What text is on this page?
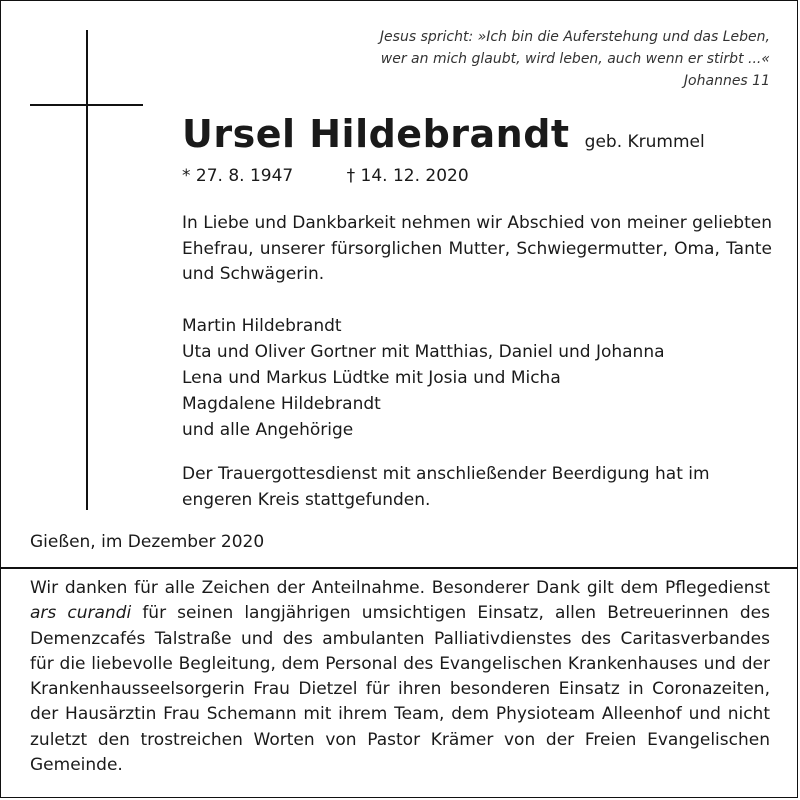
Jesus spricht: »Ich bin die Auferstehung und das Leben,
wer an mich glaubt, wird leben, auch wenn er stirbt ...«
Johannes 11
Ursel Hildebrandt geb. Krummel
* 27. 8. 1947	† 14. 12. 2020
In Liebe und Dankbarkeit nehmen wir Abschied von meiner geliebten Ehefrau, unserer fürsorglichen Mutter, Schwiegermutter, Oma, Tante und Schwägerin.
Martin Hildebrandt
Uta und Oliver Gortner mit Matthias, Daniel und Johanna
Lena und Markus Lüdtke mit Josia und Micha
Magdalene Hildebrandt
und alle Angehörige
Der Trauergottesdienst mit anschließender Beerdigung hat im engeren Kreis stattgefunden.
Gießen, im Dezember 2020
Wir danken für alle Zeichen der Anteilnahme. Besonderer Dank gilt dem Pflegedienst ars curandi für seinen langjährigen umsichtigen Einsatz, allen Betreuerinnen des Demenzcafés Talstraße und des ambulanten Palliativdienstes des Caritasverbandes für die liebevolle Begleitung, dem Personal des Evangelischen Krankenhauses und der Krankenhausseelsorgerin Frau Dietzel für ihren besonderen Einsatz in Coronazeiten, der Hausärztin Frau Schemann mit ihrem Team, dem Physioteam Alleenhof und nicht zuletzt den trostreichen Worten von Pastor Krämer von der Freien Evangelischen Gemeinde.
